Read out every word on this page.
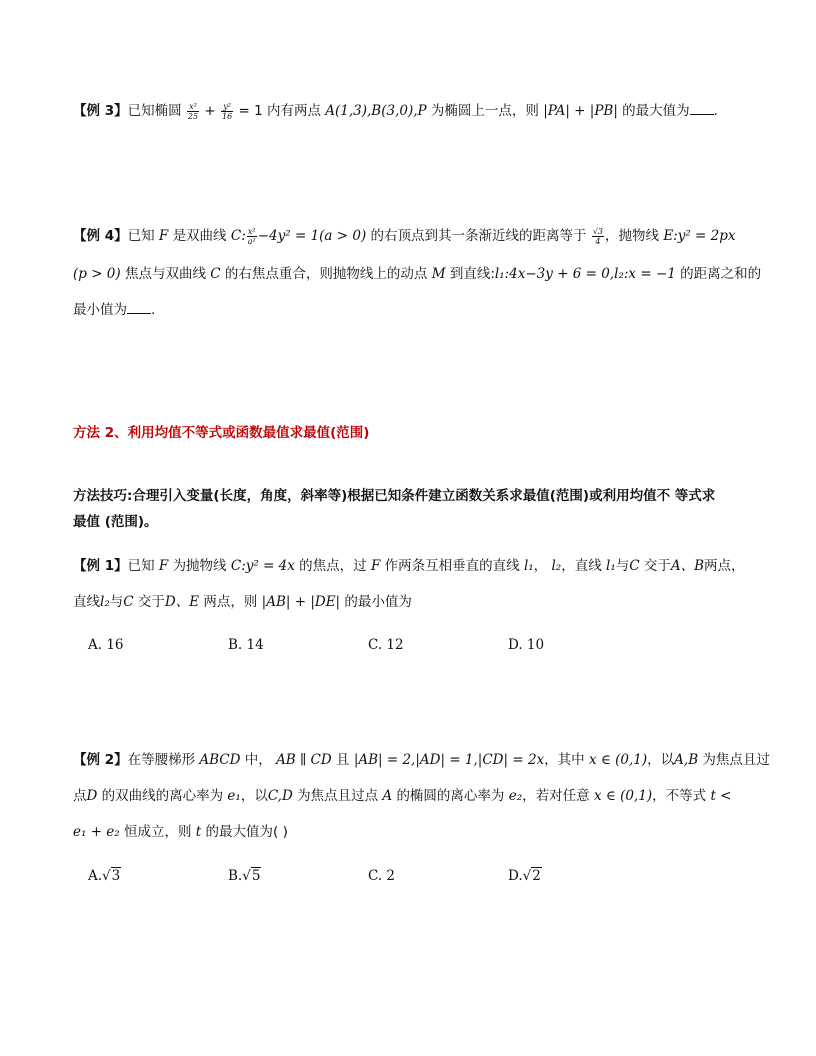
【例 3】已知椭圆 $\frac{\text{x²}}{25} + \frac{\text{y²}}{16} = 1$ 内有两点 A(1,3),B(3,0),P 为椭圆上一点，则 |PA| + |PB| 的最大值为 .
【例 4】已知 F 是双曲线 C: $\frac{\text{x²}}{\text{a²}} -4y^2 = 1(a > 0)$ 的右顶点到其一条渐近线的距离等于 $\frac{√3}{4}$ ，抛物线 E:y² = 2px
(p > 0) 焦点与双曲线 C 的右焦点重合，则抛物线上的动点 M 到直线:l₁:4x−3y + 6 = 0,l₂:x = −1 的距离之和的
最小值为 .
方法 2、利用均值不等式或函数最值求最值(范围)
方法技巧:合理引入变量(长度，角度，斜率等)根据已知条件建立函数关系求最值(范围)或利用均值不 等式求
最值 (范围)。
【例 1】已知 F 为抛物线 C:y² = 4x 的焦点，过 F 作两条互相垂直的直线 l₁， l₂，直线 l₁与C 交于A、B两点，
直线l₂与C 交于D、E 两点，则 |AB| + |DE| 的最小值为
A. 16	B. 14	C. 12	D. 10
【例 2】在等腰梯形 ABCD 中， AB ∥ CD 且 |AB| = 2,|AD| = 1,|CD| = 2x，其中 x ∈ (0,1)，以A,B 为焦点且过
点D 的双曲线的离心率为 e₁，以C,D 为焦点且过点 A 的椭圆的离心率为 e₂，若对任意 x ∈ (0,1)，不等式 t <
e₁ + e₂ 恒成立，则 t 的最大值为( )
A.√3	B.√5	C. 2	D.√2
